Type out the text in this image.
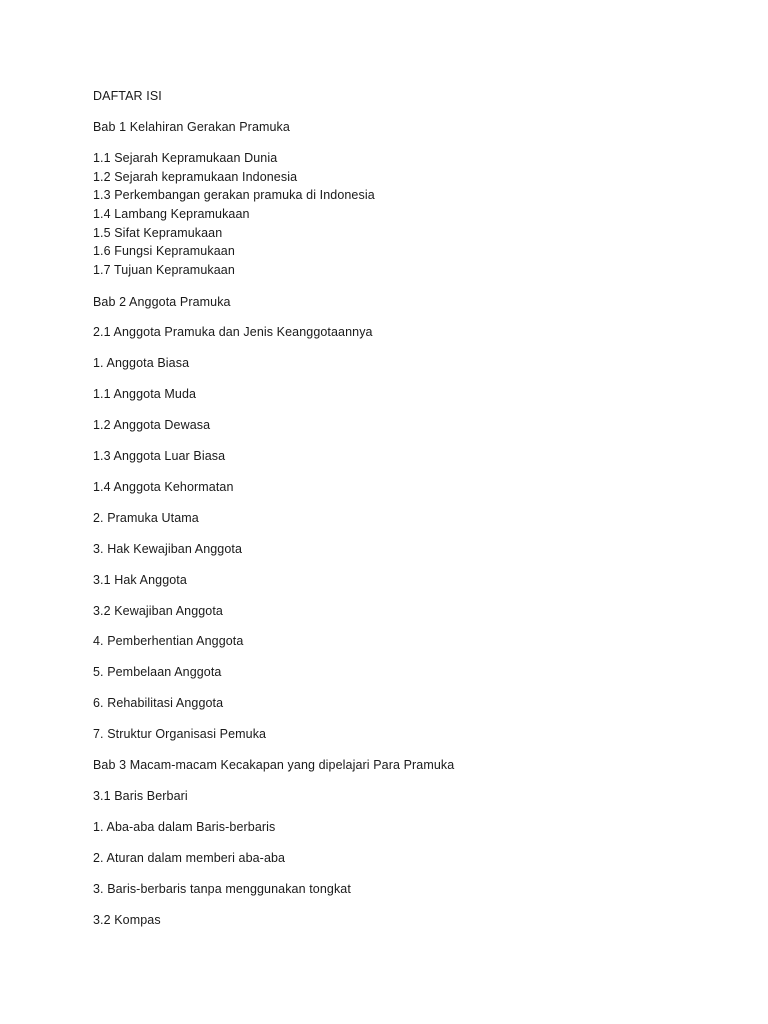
DAFTAR ISI
Bab 1 Kelahiran Gerakan Pramuka
1.1 Sejarah Kepramukaan Dunia
1.2 Sejarah kepramukaan Indonesia
1.3 Perkembangan gerakan pramuka di Indonesia
1.4 Lambang Kepramukaan
1.5 Sifat Kepramukaan
1.6 Fungsi Kepramukaan
1.7 Tujuan Kepramukaan
Bab 2 Anggota Pramuka
2.1 Anggota Pramuka dan Jenis Keanggotaannya
1. Anggota Biasa
1.1 Anggota Muda
1.2 Anggota Dewasa
1.3 Anggota Luar Biasa
1.4 Anggota Kehormatan
2. Pramuka Utama
3. Hak Kewajiban Anggota
3.1 Hak Anggota
3.2 Kewajiban Anggota
4. Pemberhentian Anggota
5. Pembelaan Anggota
6. Rehabilitasi Anggota
7. Struktur Organisasi Pemuka
Bab 3 Macam-macam Kecakapan yang dipelajari Para Pramuka
3.1 Baris Berbari
1. Aba-aba dalam Baris-berbaris
2. Aturan dalam memberi aba-aba
3. Baris-berbaris tanpa menggunakan tongkat
3.2 Kompas
